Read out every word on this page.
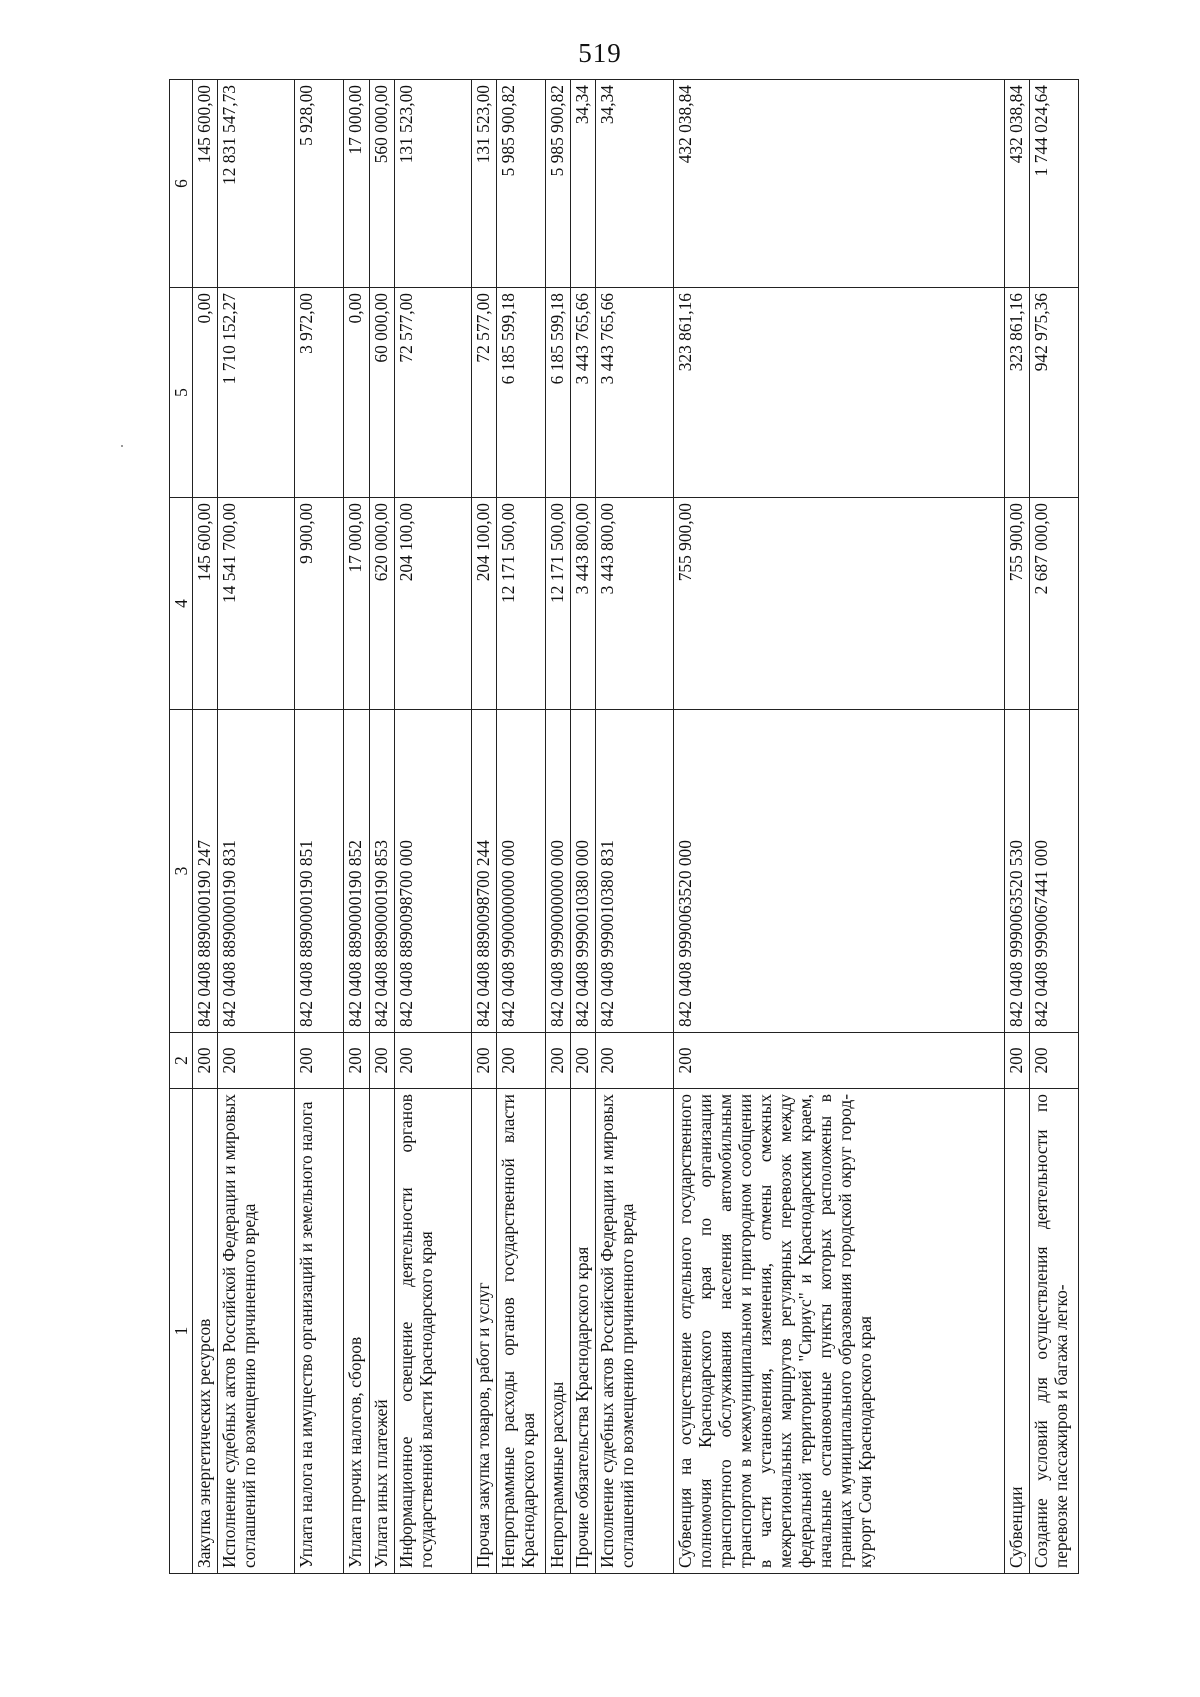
519
1	2	3	4	5	6
Закупка энергетических ресурсов	200	842 0408 8890000190 247	145 600,00	0,00	145 600,00
Исполнение судебных актов Российской Федерации и мировых соглашений по возмещению причиненного вреда	200	842 0408 8890000190 831	14 541 700,00	1 710 152,27	12 831 547,73
Уплата налога на имущество организаций и земельного налога	200	842 0408 8890000190 851	9 900,00	3 972,00	5 928,00
Уплата прочих налогов, сборов	200	842 0408 8890000190 852	17 000,00	0,00	17 000,00
Уплата иных платежей	200	842 0408 8890000190 853	620 000,00	60 000,00	560 000,00
Информационное освещение деятельности органов государственной власти Краснодарского края	200	842 0408 8890098700 000	204 100,00	72 577,00	131 523,00
Прочая закупка товаров, работ и услуг	200	842 0408 8890098700 244	204 100,00	72 577,00	131 523,00
Непрограммные расходы органов государственной власти Краснодарского края	200	842 0408 9900000000 000	12 171 500,00	6 185 599,18	5 985 900,82
Непрограммные расходы	200	842 0408 9990000000 000	12 171 500,00	6 185 599,18	5 985 900,82
Прочие обязательства Краснодарского края	200	842 0408 9990010380 000	3 443 800,00	3 443 765,66	34,34
Исполнение судебных актов Российской Федерации и мировых соглашений по возмещению причиненного вреда	200	842 0408 9990010380 831	3 443 800,00	3 443 765,66	34,34
Субвенция на осуществление отдельного государственного полномочия Краснодарского края по организации транспортного обслуживания населения автомобильным транспортом в межмуниципальном и пригородном сообщении в части установления, изменения, отмены смежных межрегиональных маршрутов регулярных перевозок между федеральной территорией "Сириус" и Краснодарским краем, начальные остановочные пункты которых расположены в границах муниципального образования городской округ город-курорт Сочи Краснодарского края	200	842 0408 9990063520 000	755 900,00	323 861,16	432 038,84
Субвенции	200	842 0408 9990063520 530	755 900,00	323 861,16	432 038,84
Создание условий для осуществления деятельности по перевозке пассажиров и багажа легко-	200	842 0408 9990067441 000	2 687 000,00	942 975,36	1 744 024,64
